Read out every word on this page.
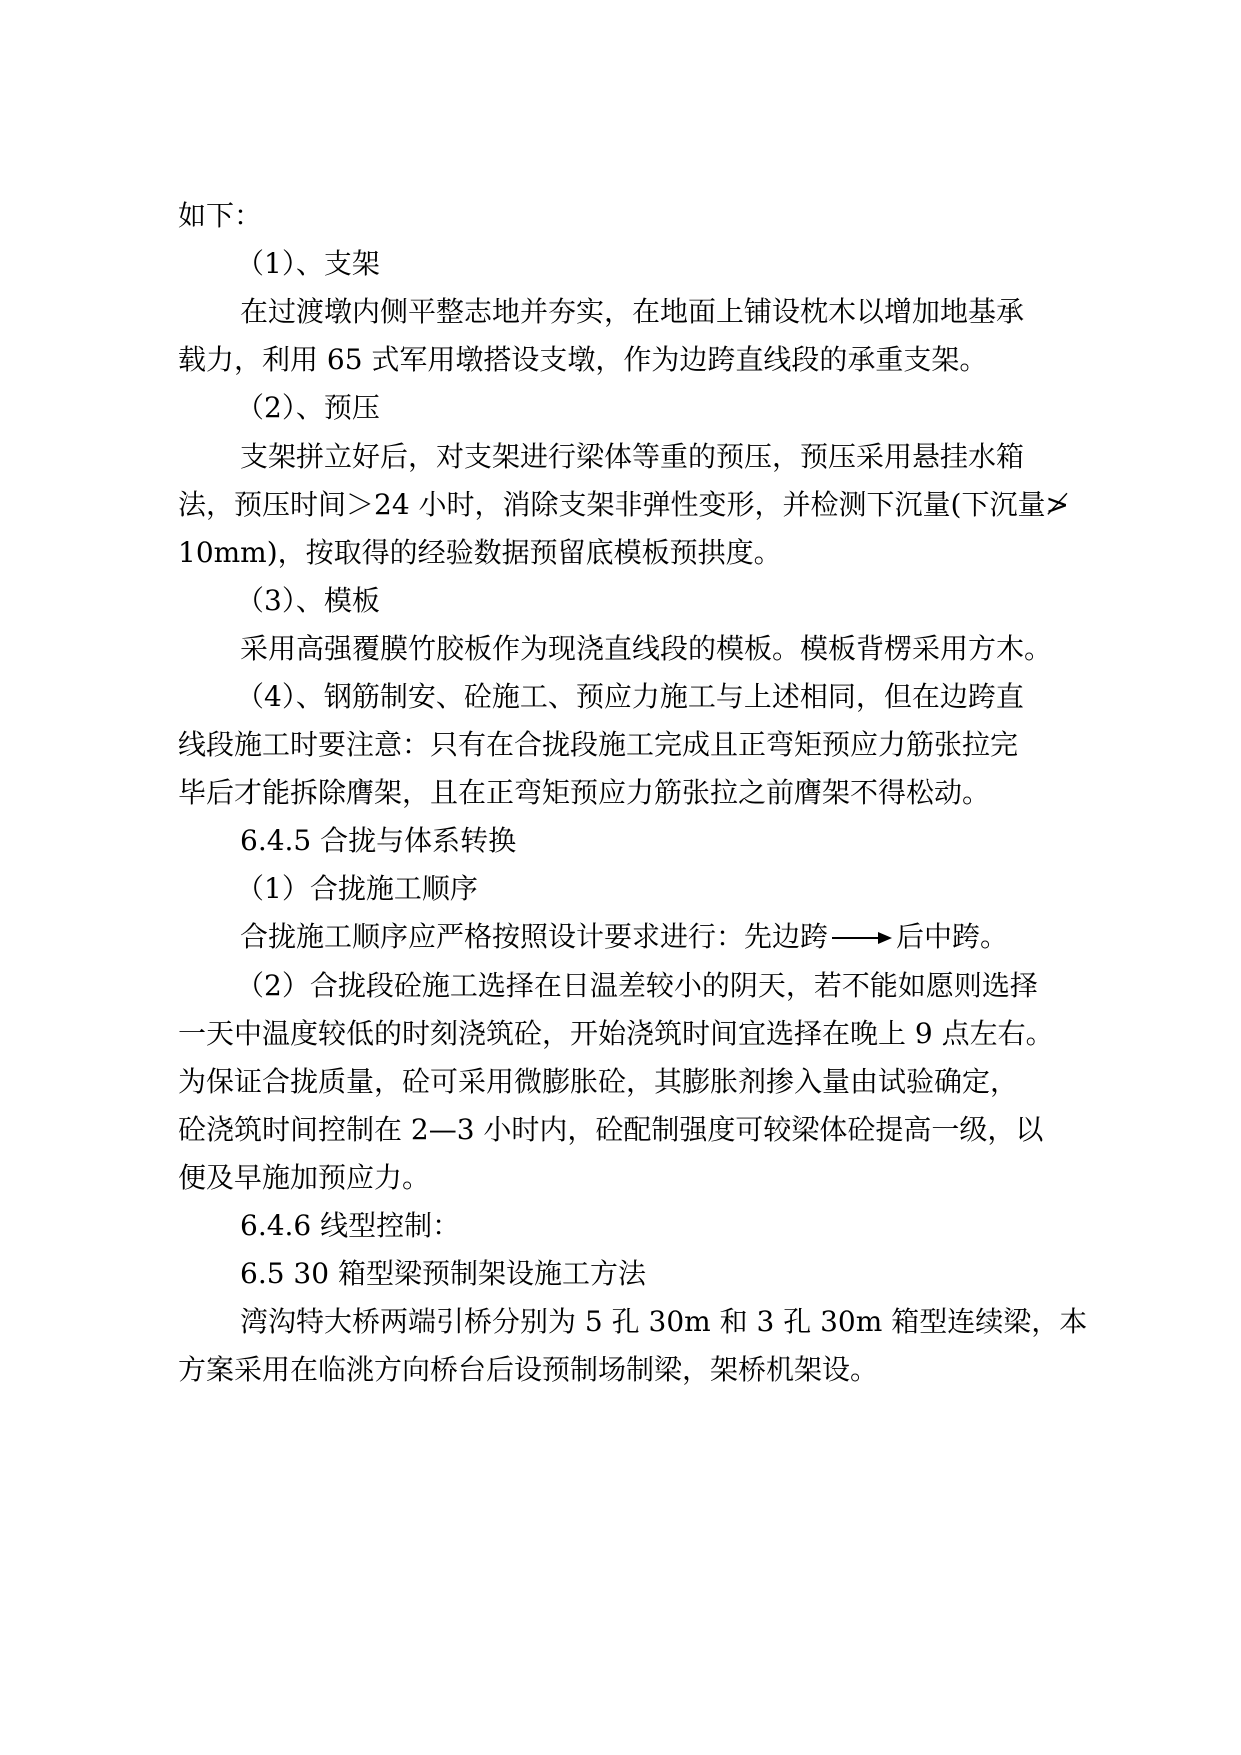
如下：
（1）、支架
在过渡墩内侧平整志地并夯实，在地面上铺设枕木以增加地基承
载力，利用 65 式军用墩搭设支墩，作为边跨直线段的承重支架。
（2）、预压
支架拼立好后，对支架进行梁体等重的预压，预压采用悬挂水箱
法，预压时间＞24 小时，消除支架非弹性变形，并检测下沉量(下沉量≯
10mm)，按取得的经验数据预留底模板预拱度。
（3）、模板
采用高强覆膜竹胶板作为现浇直线段的模板。模板背楞采用方木。
（4）、钢筋制安、砼施工、预应力施工与上述相同，但在边跨直
线段施工时要注意：只有在合拢段施工完成且正弯矩预应力筋张拉完
毕后才能拆除膺架，且在正弯矩预应力筋张拉之前膺架不得松动。
6.4.5 合拢与体系转换
（1）合拢施工顺序
合拢施工顺序应严格按照设计要求进行：先边跨 后中跨。
（2）合拢段砼施工选择在日温差较小的阴天，若不能如愿则选择
一天中温度较低的时刻浇筑砼，开始浇筑时间宜选择在晚上 9 点左右。
为保证合拢质量，砼可采用微膨胀砼，其膨胀剂掺入量由试验确定，
砼浇筑时间控制在 2—3 小时内，砼配制强度可较梁体砼提高一级，以
便及早施加预应力。
6.4.6 线型控制：
6.5 30 箱型梁预制架设施工方法
湾沟特大桥两端引桥分别为 5 孔 30m 和 3 孔 30m 箱型连续梁，本
方案采用在临洮方向桥台后设预制场制梁，架桥机架设。
